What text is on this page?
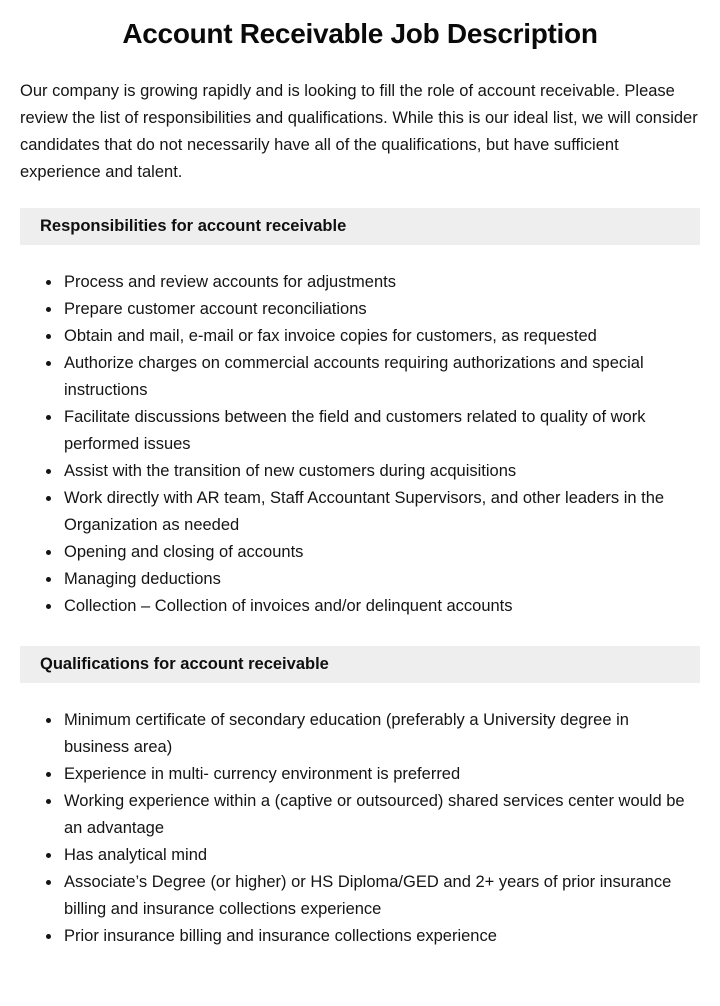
Account Receivable Job Description

Our company is growing rapidly and is looking to fill the role of account receivable. Please review the list of responsibilities and qualifications. While this is our ideal list, we will consider candidates that do not necessarily have all of the qualifications, but have sufficient experience and talent.

Responsibilities for account receivable
• Process and review accounts for adjustments
• Prepare customer account reconciliations
• Obtain and mail, e-mail or fax invoice copies for customers, as requested
• Authorize charges on commercial accounts requiring authorizations and special instructions
• Facilitate discussions between the field and customers related to quality of work performed issues
• Assist with the transition of new customers during acquisitions
• Work directly with AR team, Staff Accountant Supervisors, and other leaders in the Organization as needed
• Opening and closing of accounts
• Managing deductions
• Collection – Collection of invoices and/or delinquent accounts
Qualifications for account receivable
• Minimum certificate of secondary education (preferably a University degree in business area)
• Experience in multi- currency environment is preferred
• Working experience within a (captive or outsourced) shared services center would be an advantage
• Has analytical mind
• Associate’s Degree (or higher) or HS Diploma/GED and 2+ years of prior insurance billing and insurance collections experience
• Prior insurance billing and insurance collections experience
